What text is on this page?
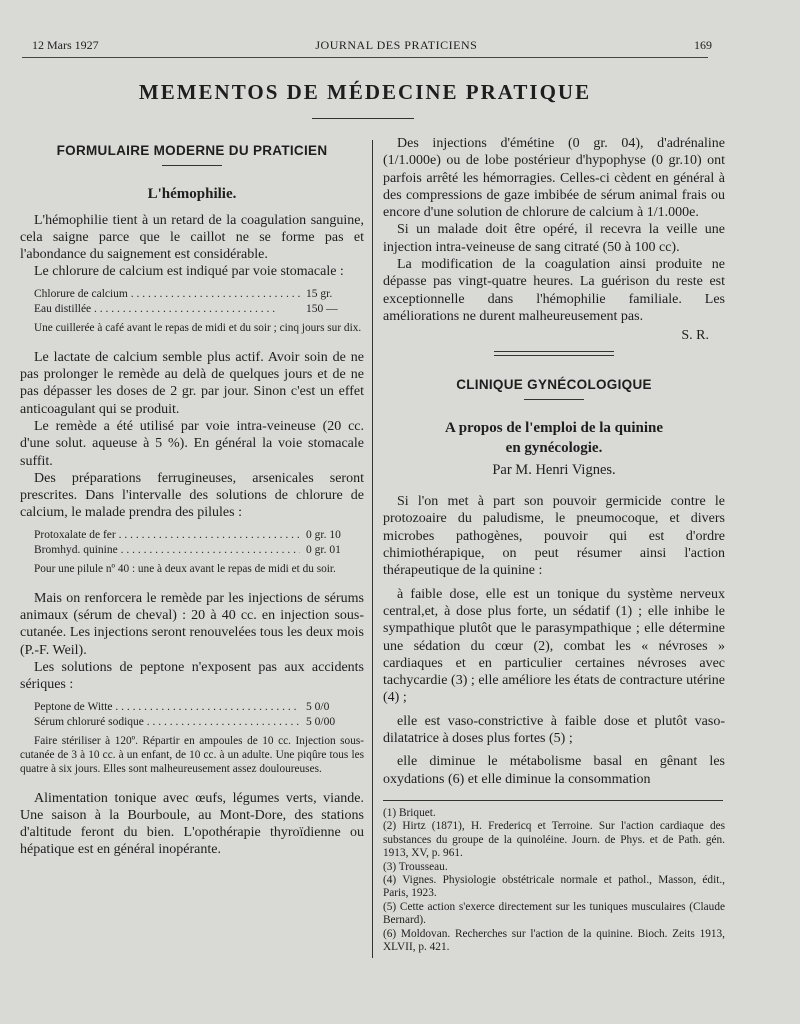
12 Mars 1927	JOURNAL DES PRATICIENS	169
MEMENTOS DE MÉDECINE PRATIQUE
FORMULAIRE MODERNE DU PRATICIEN
L'hémophilie.

L'hémophilie tient à un retard de la coagulation sanguine, cela saigne parce que le caillot ne se forme pas et l'abondance du saignement est considérable.

Le chlorure de calcium est indiqué par voie stomacale :

Chlorure de calcium . . .	15 gr.
Eau distillée . . .	150 —

Une cuillerée à café avant le repas de midi et du soir ; cinq jours sur dix.

Le lactate de calcium semble plus actif. Avoir soin de ne pas prolonger le remède au delà de quelques jours et de ne pas dépasser les doses de 2 gr. par jour. Sinon c'est un effet anticoagulant qui se produit.

Le remède a été utilisé par voie intra-veineuse (20 cc. d'une solut. aqueuse à 5 %). En général la voie stomacale suffit.

Des préparations ferrugineuses, arsenicales seront prescrites. Dans l'intervalle des solutions de chlorure de calcium, le malade prendra des pilules :

Protoxalate de fer . . .	0 gr. 10
Bromhyd. quinine . . .	0 gr. 01

Pour une pilule nº 40 : une à deux avant le repas de midi et du soir.

Mais on renforcera le remède par les injections de sérums animaux (sérum de cheval) : 20 à 40 cc. en injection sous-cutanée. Les injections seront renouvelées tous les deux mois (P.-F. Weil).

Les solutions de peptone n'exposent pas aux accidents sériques :

Peptone de Witte . . .	5 0/0
Sérum chloruré sodique . . .	5 0/00

Faire stériliser à 120º. Répartir en ampoules de 10 cc. Injection sous-cutanée de 3 à 10 cc. à un enfant, de 10 cc. à un adulte. Une piqûre tous les quatre à six jours. Elles sont malheureusement assez douloureuses.

Alimentation tonique avec œufs, légumes verts, viande. Une saison à la Bourboule, au Mont-Dore, des stations d'altitude feront du bien. L'opothérapie thyroïdienne ou hépatique est en général inopérante.

Des injections d'émétine (0 gr. 04), d'adrénaline (1/1.000e) ou de lobe postérieur d'hypophyse (0 gr.10) ont parfois arrêté les hémorragies. Celles-ci cèdent en général à des compressions de gaze imbibée de sérum animal frais ou encore d'une solution de chlorure de calcium à 1/1.000e.

Si un malade doit être opéré, il recevra la veille une injection intra-veineuse de sang citraté (50 à 100 cc).

La modification de la coagulation ainsi produite ne dépasse pas vingt-quatre heures. La guérison du reste est exceptionnelle dans l'hémophilie familiale. Les améliorations ne durent malheureusement pas.

S. R.
CLINIQUE GYNÉCOLOGIQUE
A propos de l'emploi de la quinine
en gynécologie.
Par M. Henri Vignes.

Si l'on met à part son pouvoir germicide contre le protozoaire du paludisme, le pneumocoque, et divers microbes pathogènes, pouvoir qui est d'ordre chimiothérapique, on peut résumer ainsi l'action thérapeutique de la quinine :

à faible dose, elle est un tonique du système nerveux central,et, à dose plus forte, un sédatif (1) ; elle inhibe le sympathique plutôt que le parasympathique ; elle détermine une sédation du cœur (2), combat les « névroses » cardiaques et en particulier certaines névroses avec tachycardie (3) ; elle améliore les états de contracture utérine (4) ;

elle est vaso-constrictive à faible dose et plutôt vaso-dilatatrice à doses plus fortes (5) ;

elle diminue le métabolisme basal en gênant les oxydations (6) et elle diminue la consommation

(1) Briquet.
(2) Hirtz (1871), H. Fredericq et Terroine. Sur l'action cardiaque des substances du groupe de la quinoléine. Journ. de Phys. et de Path. gén. 1913, XV, p. 961.
(3) Trousseau.
(4) Vignes. Physiologie obstétricale normale et pathol., Masson, édit., Paris, 1923.
(5) Cette action s'exerce directement sur les tuniques musculaires (Claude Bernard).
(6) Moldovan. Recherches sur l'action de la quinine. Bioch. Zeits 1913, XLVII, p. 421.
